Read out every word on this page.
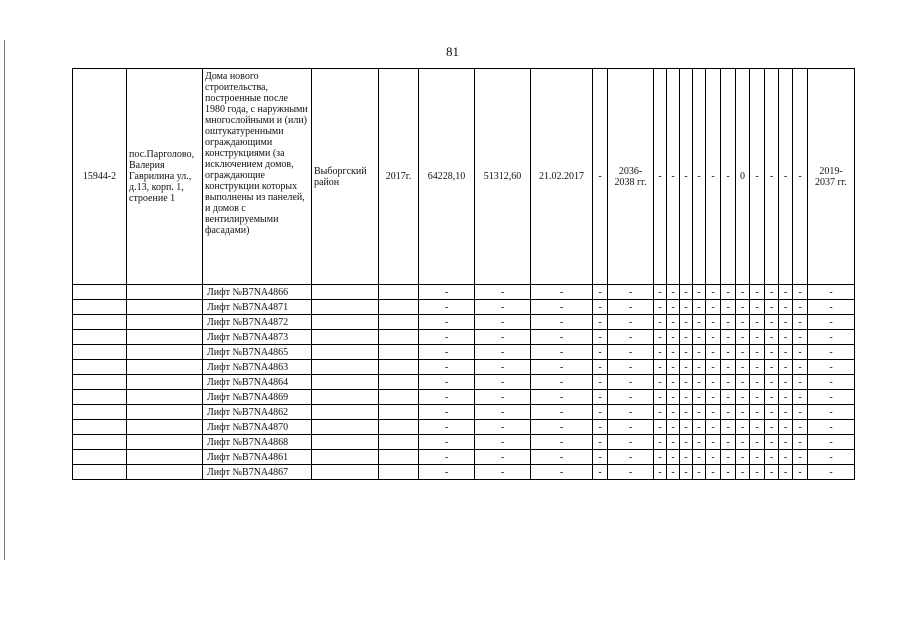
81
15944-2	пос.Парголово, Валерия Гаврилина ул., д.13, корп. 1, строение 1	Дома нового строительства, построенные после 1980 года, с наружными многослойными и (или) оштукатуренными ограждающими конструкциями (за исключением домов, ограждающие конструкции которых выполнены из панелей, и домов с вентилируемыми фасадами)	Выборгский район	2017г.	64228,10	51312,60	21.02.2017	-	2036-2038 гг.	-	-	-	-	-	-	0	-	-	-	-	2019-2037 гг.
		Лифт №B7NA4866			-	-	-	-	-	-	-	-	-	-	-	-	-	-	-	-	-
		Лифт №B7NA4871			-	-	-	-	-	-	-	-	-	-	-	-	-	-	-	-	-
		Лифт №B7NA4872			-	-	-	-	-	-	-	-	-	-	-	-	-	-	-	-	-
		Лифт №B7NA4873			-	-	-	-	-	-	-	-	-	-	-	-	-	-	-	-	-
		Лифт №B7NA4865			-	-	-	-	-	-	-	-	-	-	-	-	-	-	-	-	-
		Лифт №B7NA4863			-	-	-	-	-	-	-	-	-	-	-	-	-	-	-	-	-
		Лифт №B7NA4864			-	-	-	-	-	-	-	-	-	-	-	-	-	-	-	-	-
		Лифт №B7NA4869			-	-	-	-	-	-	-	-	-	-	-	-	-	-	-	-	-
		Лифт №B7NA4862			-	-	-	-	-	-	-	-	-	-	-	-	-	-	-	-	-
		Лифт №B7NA4870			-	-	-	-	-	-	-	-	-	-	-	-	-	-	-	-	-
		Лифт №B7NA4868			-	-	-	-	-	-	-	-	-	-	-	-	-	-	-	-	-
		Лифт №B7NA4861			-	-	-	-	-	-	-	-	-	-	-	-	-	-	-	-	-
		Лифт №B7NA4867			-	-	-	-	-	-	-	-	-	-	-	-	-	-	-	-	-
